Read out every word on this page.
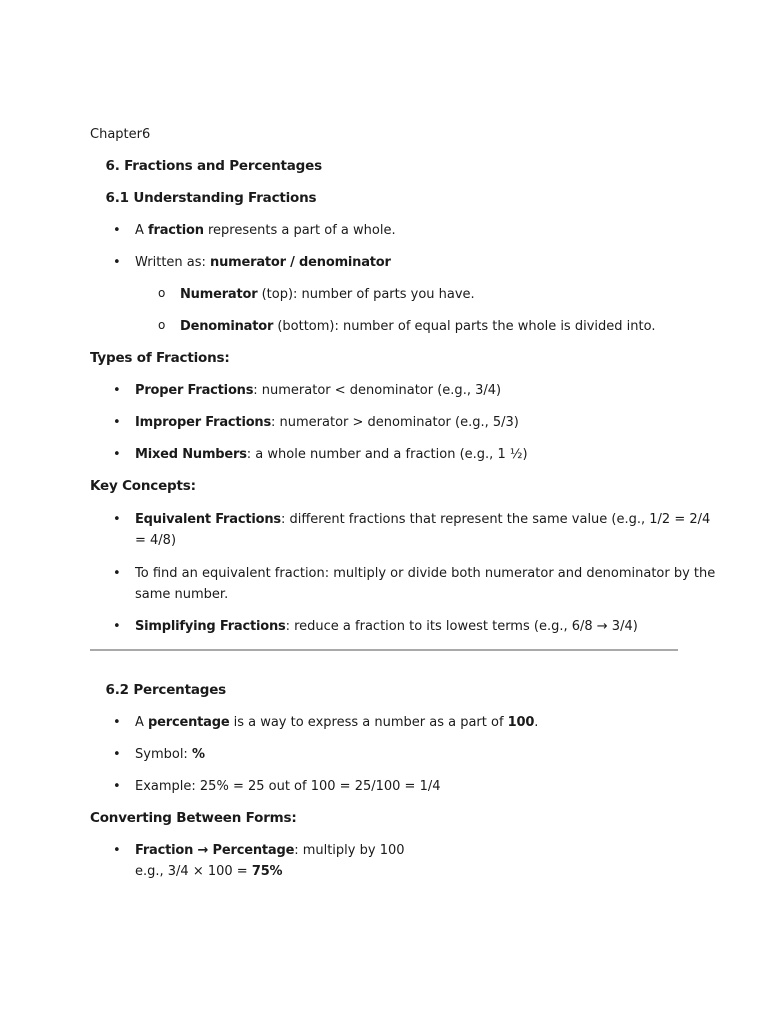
Chapter6

6. Fractions and Percentages

6.1 Understanding Fractions

• A fraction represents a part of a whole.
• Written as: numerator / denominator
o Numerator (top): number of parts you have.
o Denominator (bottom): number of equal parts the whole is divided into.

Types of Fractions:

• Proper Fractions: numerator < denominator (e.g., 3/4)
• Improper Fractions: numerator > denominator (e.g., 5/3)
• Mixed Numbers: a whole number and a fraction (e.g., 1 ½)

Key Concepts:

• Equivalent Fractions: different fractions that represent the same value (e.g., 1/2 = 2/4 = 4/8)
• To find an equivalent fraction: multiply or divide both numerator and denominator by the same number.
• Simplifying Fractions: reduce a fraction to its lowest terms (e.g., 6/8 → 3/4)

6.2 Percentages

• A percentage is a way to express a number as a part of 100.
• Symbol: %
• Example: 25% = 25 out of 100 = 25/100 = 1/4

Converting Between Forms:

• Fraction → Percentage: multiply by 100
e.g., 3/4 × 100 = 75%
